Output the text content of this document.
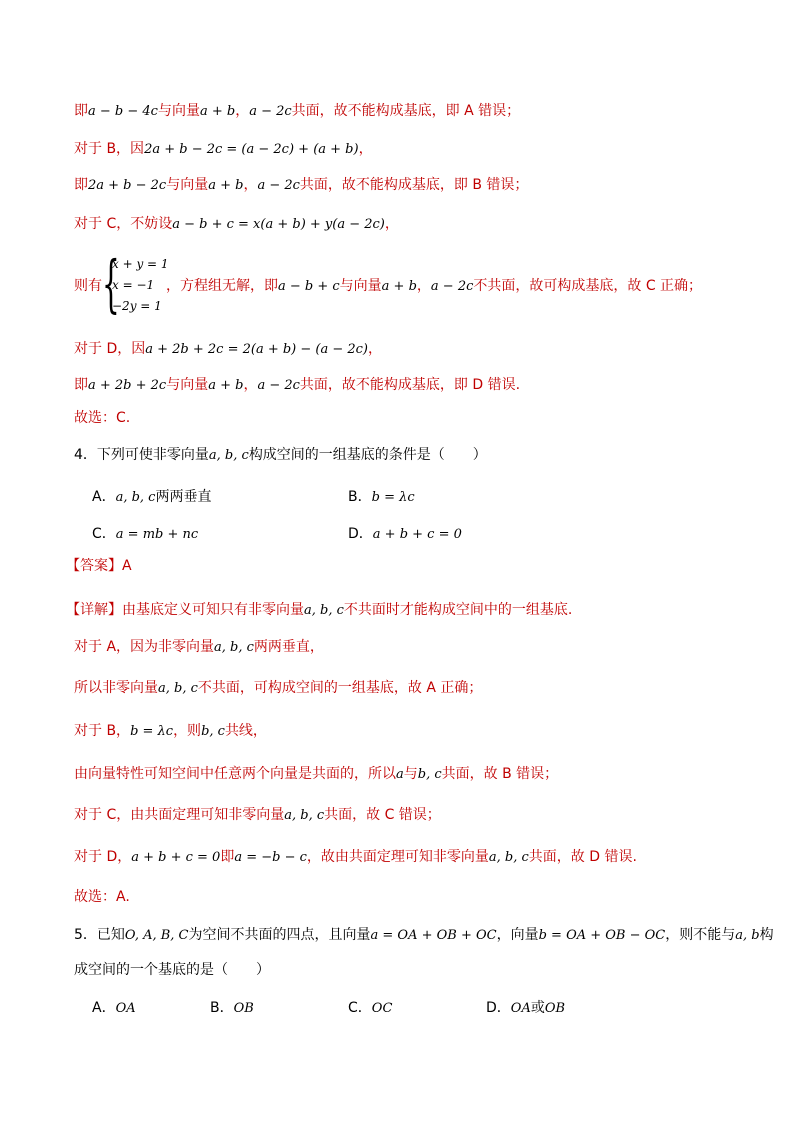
即a − b − 4c与向量a + b，a − 2c共面，故不能构成基底，即 A 错误；
对于 B，因2a + b − 2c = (a − 2c) + (a + b)，
即2a + b − 2c与向量a + b，a − 2c共面，故不能构成基底，即 B 错误；
对于 C，不妨设a − b + c = x(a + b) + y(a − 2c)，
{
x + y = 1
x = −1
−2y = 1
则有	，方程组无解，即a − b + c与向量a + b，a − 2c不共面，故可构成基底，故 C 正确；
对于 D，因a + 2b + 2c = 2(a + b) − (a − 2c)，
即a + 2b + 2c与向量a + b，a − 2c共面，故不能构成基底，即 D 错误.
故选：C.
4．下列可使非零向量a, b, c构成空间的一组基底的条件是（　　）
A．a, b, c两两垂直	B．b = λc
C．a = mb + nc	D．a + b + c = 0
【答案】A
【详解】由基底定义可知只有非零向量a, b, c不共面时才能构成空间中的一组基底.
对于 A，因为非零向量a, b, c两两垂直，
所以非零向量a, b, c不共面，可构成空间的一组基底，故 A 正确；
对于 B，b = λc，则b, c共线，
由向量特性可知空间中任意两个向量是共面的，所以a与b, c共面，故 B 错误；
对于 C，由共面定理可知非零向量a, b, c共面，故 C 错误；
对于 D，a + b + c = 0即a = −b − c，故由共面定理可知非零向量a, b, c共面，故 D 错误.
故选：A.
5．已知O, A, B, C为空间不共面的四点，且向量a = OA + OB + OC，向量b = OA + OB − OC，则不能与a, b构
成空间的一个基底的是（　　）
A．OA	B．OB	C．OC	D．OA或OB
